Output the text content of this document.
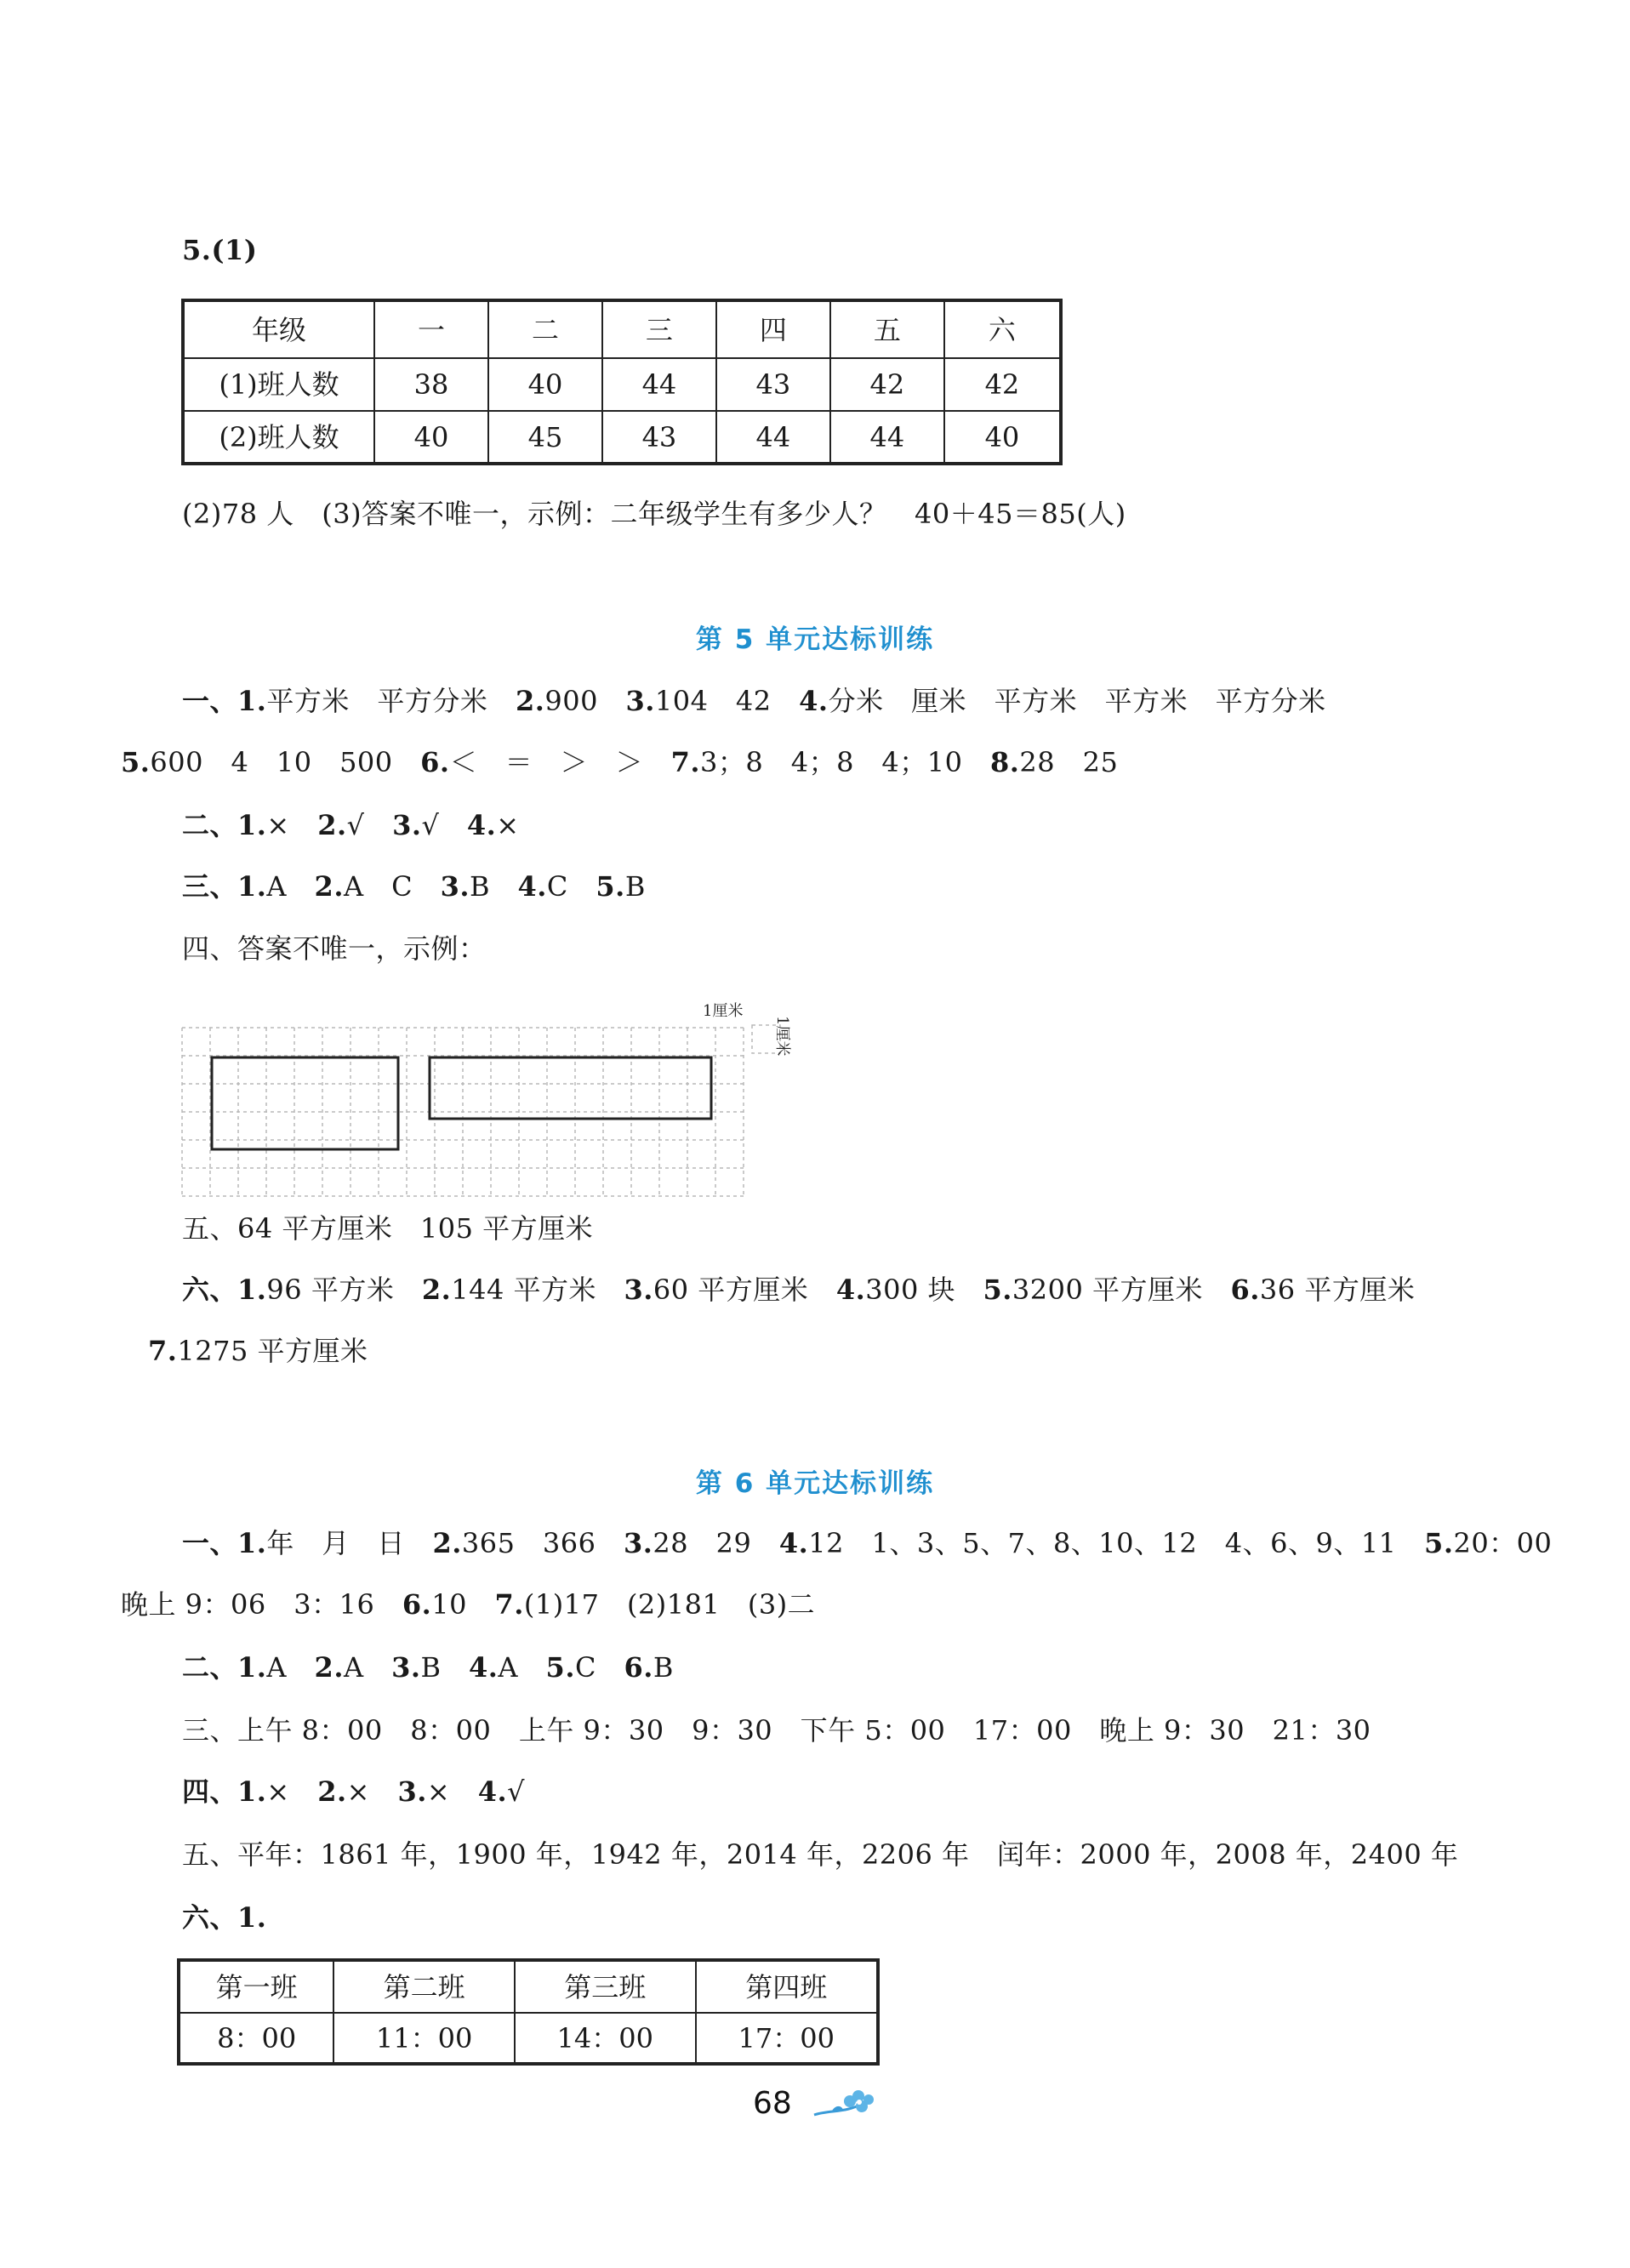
5.(1)
年级	一	二	三	四	五	六
(1)班人数	38	40	44	43	42	42
(2)班人数	40	45	43	44	44	40
(2)78 人　(3)答案不唯一，示例：二年级学生有多少人？　40＋45＝85(人)
第 5 单元达标训练
一、1.平方米　平方分米　2.900　3.104　42　4.分米　厘米　平方米　平方米　平方分米
5.600　4　10　500　6.＜　＝　＞　＞　7.3；8　4；8　4；10　8.28　25
二、1.×　2.√　3.√　4.×
三、1.A　2.A　C　3.B　4.C　5.B
四、答案不唯一，示例：
1厘米
1厘米
五、64 平方厘米　105 平方厘米
六、1.96 平方米　2.144 平方米　3.60 平方厘米　4.300 块　5.3200 平方厘米　6.36 平方厘米
7.1275 平方厘米
第 6 单元达标训练
一、1.年　月　日　2.365　366　3.28　29　4.12　1、3、5、7、8、10、12　4、6、9、11　5.20：00
晚上 9：06　3：16　6.10　7.(1)17　(2)181　(3)二
二、1.A　2.A　3.B　4.A　5.C　6.B
三、上午 8：00　8：00　上午 9：30　9：30　下午 5：00　17：00　晚上 9：30　21：30
四、1.×　2.×　3.×　4.√
五、平年：1861 年，1900 年，1942 年，2014 年，2206 年　闰年：2000 年，2008 年，2400 年
六、1.
第一班	第二班	第三班	第四班
8：00	11：00	14：00	17：00
68
